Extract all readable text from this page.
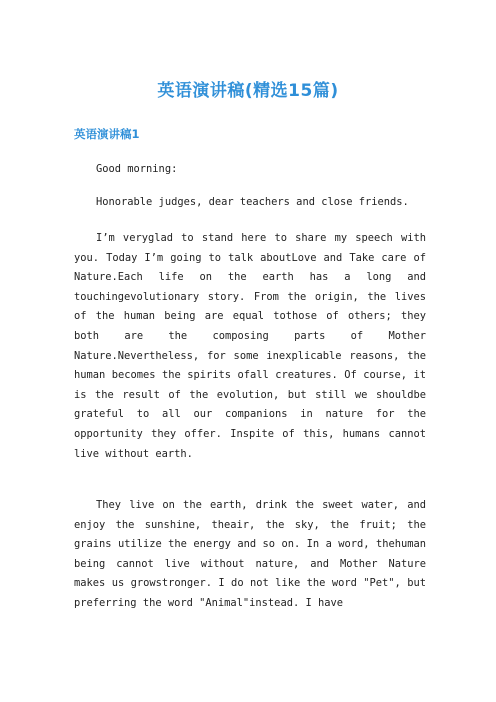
英语演讲稿(精选15篇)
英语演讲稿1

Good morning:

Honorable judges, dear teachers and close friends.

I’m veryglad to stand here to share my speech with you. Today I’m going to talk aboutLove and Take care of Nature.Each life on the earth has a long and touchingevolutionary story. From the origin, the lives of the human being are equal tothose of others; they both are the composing parts of Mother Nature.Nevertheless, for some inexplicable reasons, the human becomes the spirits ofall creatures. Of course, it is the result of the evolution, but still we shouldbe grateful to all our companions in nature for the opportunity they offer. Inspite of this, humans cannot live without earth.

They live on the earth, drink the sweet water, and enjoy the sunshine, theair, the sky, the fruit; the grains utilize the energy and so on. In a word, thehuman being cannot live without nature, and Mother Nature makes us growstronger. I do not like the word "Pet", but preferring the word "Animal"instead. I have
